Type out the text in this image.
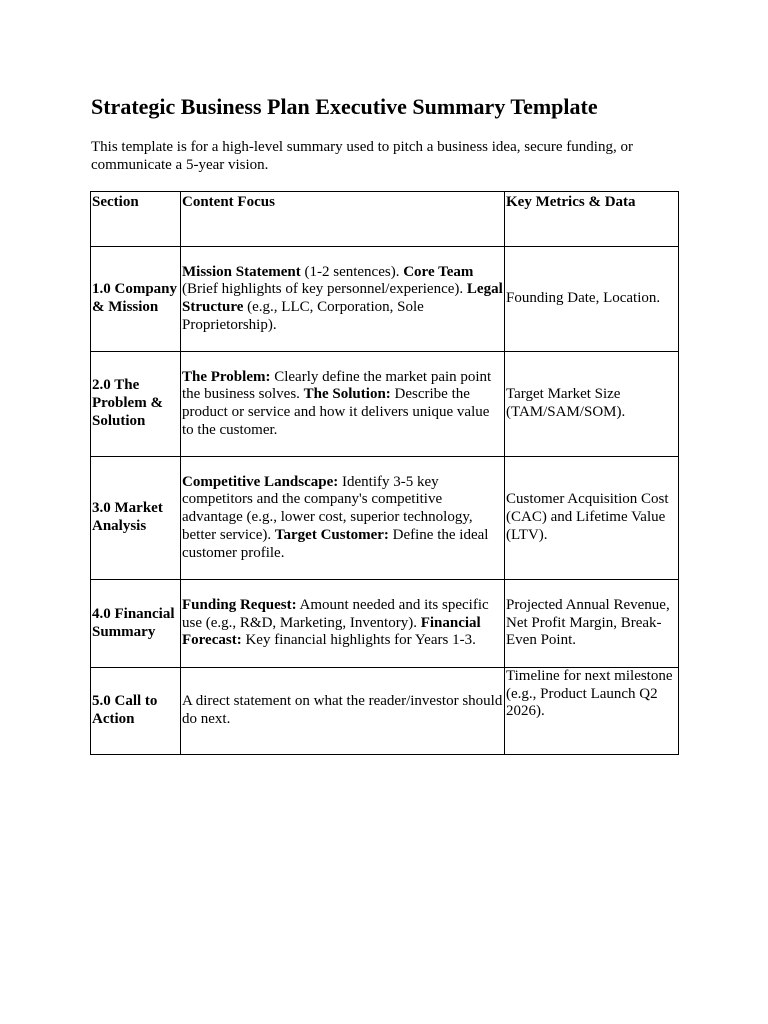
Strategic Business Plan Executive Summary Template

This template is for a high-level summary used to pitch a business idea, secure funding, or communicate a 5-year vision.

Section	Content Focus	Key Metrics & Data
1.0 Company & Mission	Mission Statement (1-2 sentences). Core Team (Brief highlights of key personnel/experience). Legal Structure (e.g., LLC, Corporation, Sole Proprietorship).	Founding Date, Location.
2.0 The Problem & Solution	The Problem: Clearly define the market pain point the business solves. The Solution: Describe the product or service and how it delivers unique value to the customer.	Target Market Size (TAM/SAM/SOM).
3.0 Market Analysis	Competitive Landscape: Identify 3-5 key competitors and the company's competitive advantage (e.g., lower cost, superior technology, better service). Target Customer: Define the ideal customer profile.	Customer Acquisition Cost (CAC) and Lifetime Value (LTV).
4.0 Financial Summary	Funding Request: Amount needed and its specific use (e.g., R&D, Marketing, Inventory). Financial Forecast: Key financial highlights for Years 1-3.	Projected Annual Revenue, Net Profit Margin, Break-Even Point.
5.0 Call to Action	A direct statement on what the reader/investor should do next.	Timeline for next milestone (e.g., Product Launch Q2 2026).
